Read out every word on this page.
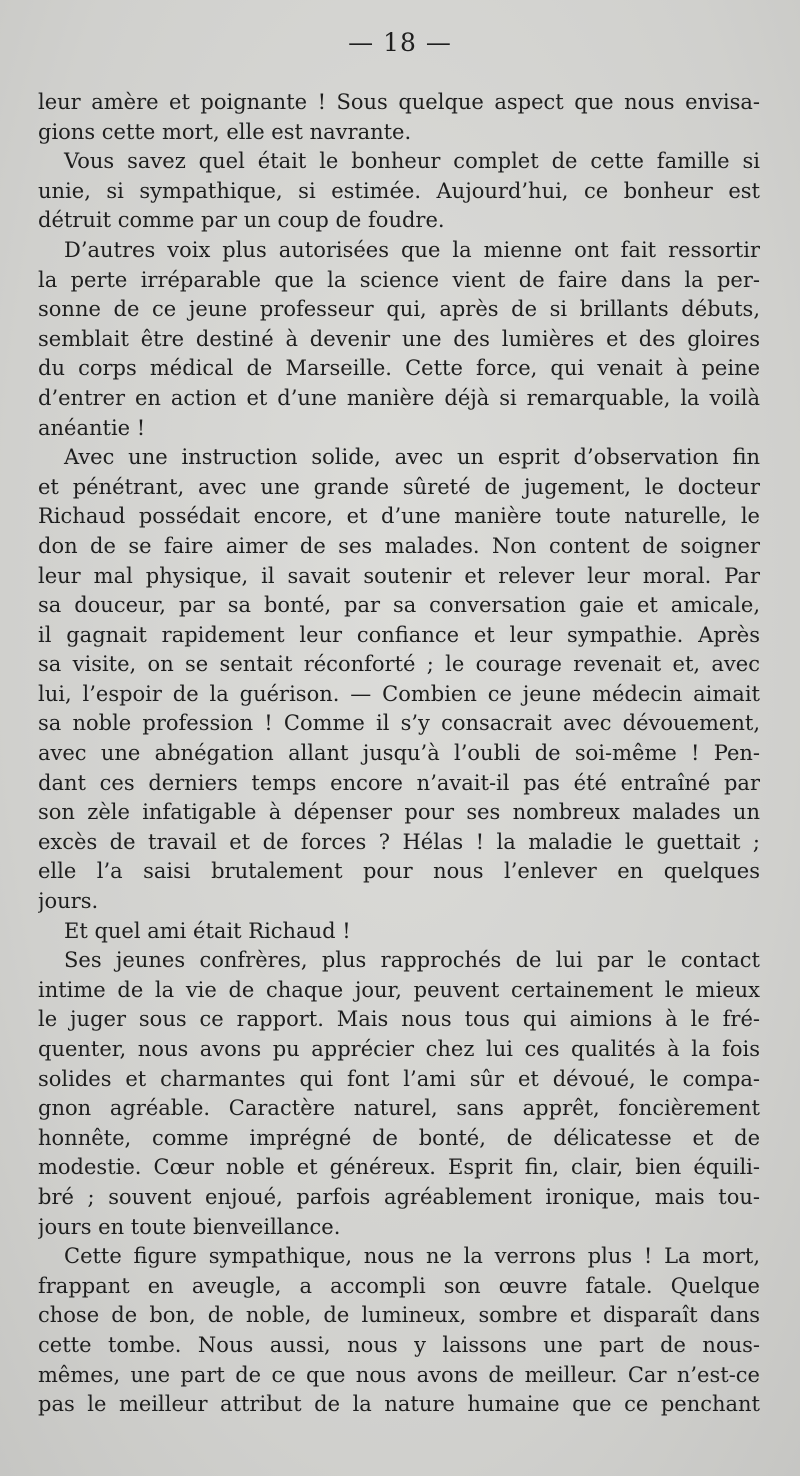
— 18 —
leur amère et poignante ! Sous quelque aspect que nous envisa-
gions cette mort, elle est navrante.
Vous savez quel était le bonheur complet de cette famille si
unie, si sympathique, si estimée. Aujourd’hui, ce bonheur est
détruit comme par un coup de foudre.
D’autres voix plus autorisées que la mienne ont fait ressortir
la perte irréparable que la science vient de faire dans la per-
sonne de ce jeune professeur qui, après de si brillants débuts,
semblait être destiné à devenir une des lumières et des gloires
du corps médical de Marseille. Cette force, qui venait à peine
d’entrer en action et d’une manière déjà si remarquable, la voilà
anéantie !
Avec une instruction solide, avec un esprit d’observation fin
et pénétrant, avec une grande sûreté de jugement, le docteur
Richaud possédait encore, et d’une manière toute naturelle, le
don de se faire aimer de ses malades. Non content de soigner
leur mal physique, il savait soutenir et relever leur moral. Par
sa douceur, par sa bonté, par sa conversation gaie et amicale,
il gagnait rapidement leur confiance et leur sympathie. Après
sa visite, on se sentait réconforté ; le courage revenait et, avec
lui, l’espoir de la guérison. — Combien ce jeune médecin aimait
sa noble profession ! Comme il s’y consacrait avec dévouement,
avec une abnégation allant jusqu’à l’oubli de soi-même ! Pen-
dant ces derniers temps encore n’avait-il pas été entraîné par
son zèle infatigable à dépenser pour ses nombreux malades un
excès de travail et de forces ? Hélas ! la maladie le guettait ;
elle l’a saisi brutalement pour nous l’enlever en quelques
jours.
Et quel ami était Richaud !
Ses jeunes confrères, plus rapprochés de lui par le contact
intime de la vie de chaque jour, peuvent certainement le mieux
le juger sous ce rapport. Mais nous tous qui aimions à le fré-
quenter, nous avons pu apprécier chez lui ces qualités à la fois
solides et charmantes qui font l’ami sûr et dévoué, le compa-
gnon agréable. Caractère naturel, sans apprêt, foncièrement
honnête, comme imprégné de bonté, de délicatesse et de
modestie. Cœur noble et généreux. Esprit fin, clair, bien équili-
bré ; souvent enjoué, parfois agréablement ironique, mais tou-
jours en toute bienveillance.
Cette figure sympathique, nous ne la verrons plus ! La mort,
frappant en aveugle, a accompli son œuvre fatale. Quelque
chose de bon, de noble, de lumineux, sombre et disparaît dans
cette tombe. Nous aussi, nous y laissons une part de nous-
mêmes, une part de ce que nous avons de meilleur. Car n’est-ce
pas le meilleur attribut de la nature humaine que ce penchant
